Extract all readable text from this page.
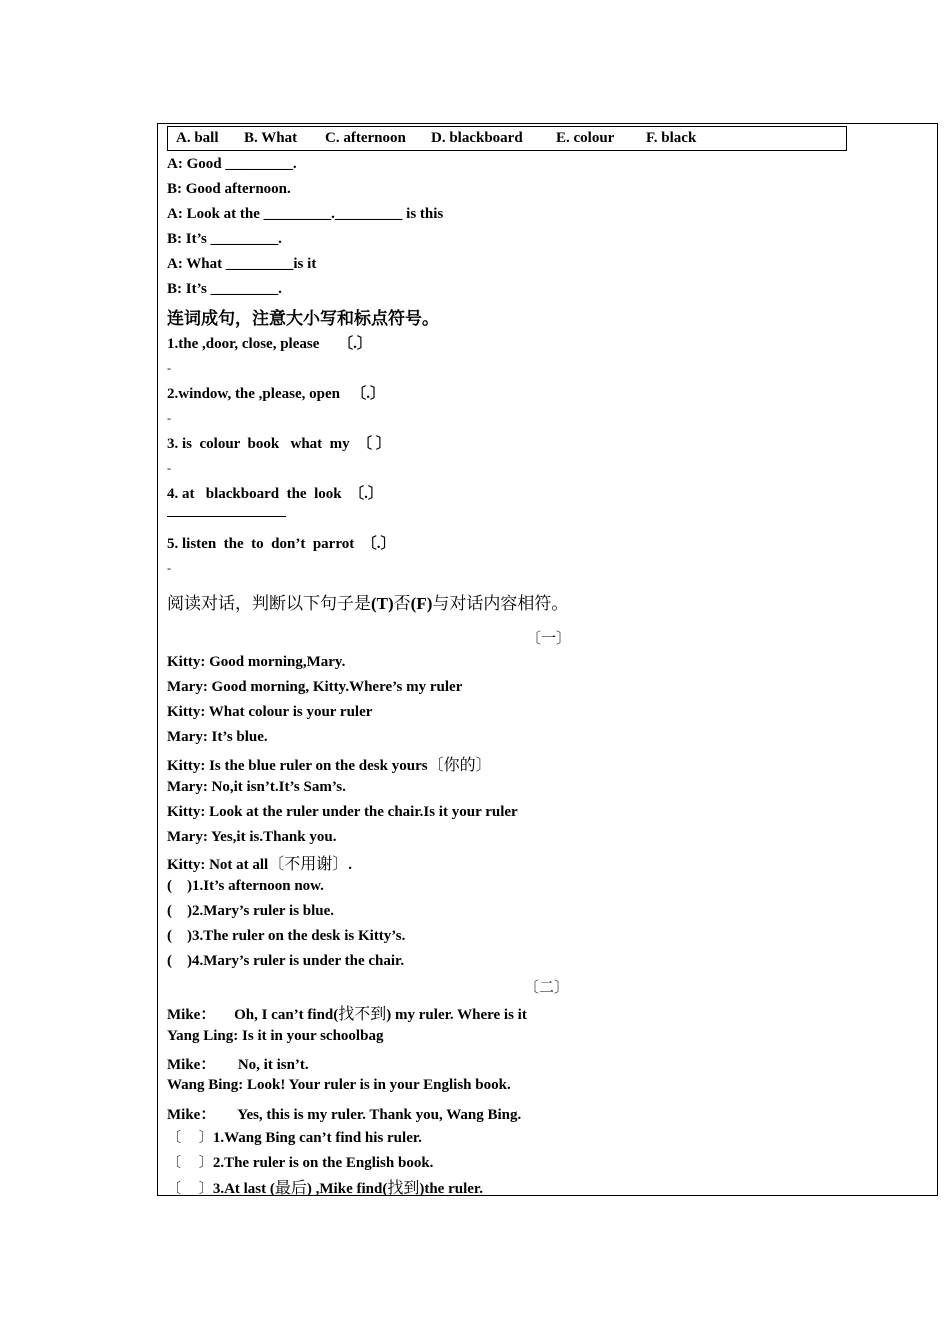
A. ball B. What C. afternoon D. blackboard E. colour F. black
A: Good _________.
B: Good afternoon.
A: Look at the _________._________ is this
B: It’s _________.
A: What _________is it
B: It’s _________.
连词成句，注意大小写和标点符号。
1.the ,door, close, please     〔.〕
-
2.window, the ,please, open   〔.〕
-
3. is  colour  book   what  my  〔 〕
-
4. at   blackboard  the  look  〔.〕
5. listen  the  to  don’t  parrot  〔.〕
-
阅读对话，判断以下句子是(T)否(F)与对话内容相符。
〔一〕
Kitty: Good morning,Mary.
Mary: Good morning, Kitty.Where’s my ruler
Kitty: What colour is your ruler
Mary: It’s blue.
Kitty: Is the blue ruler on the desk yours〔你的〕
Mary: No,it isn’t.It’s Sam’s.
Kitty: Look at the ruler under the chair.Is it your ruler
Mary: Yes,it is.Thank you.
Kitty: Not at all〔不用谢〕.
(    )1.It’s afternoon now.
(    )2.Mary’s ruler is blue.
(    )3.The ruler on the desk is Kitty’s.
(    )4.Mary’s ruler is under the chair.
〔二〕
Mike：     Oh, I can’t find(找不到) my ruler. Where is it
Yang Ling: Is it in your schoolbag
Mike：      No, it isn’t.
Wang Bing: Look! Your ruler is in your English book.
Mike：      Yes, this is my ruler. Thank you, Wang Bing.
〔    〕1.Wang Bing can’t find his ruler.
〔    〕2.The ruler is on the English book.
〔    〕3.At last (最后) ,Mike find(找到)the ruler.
